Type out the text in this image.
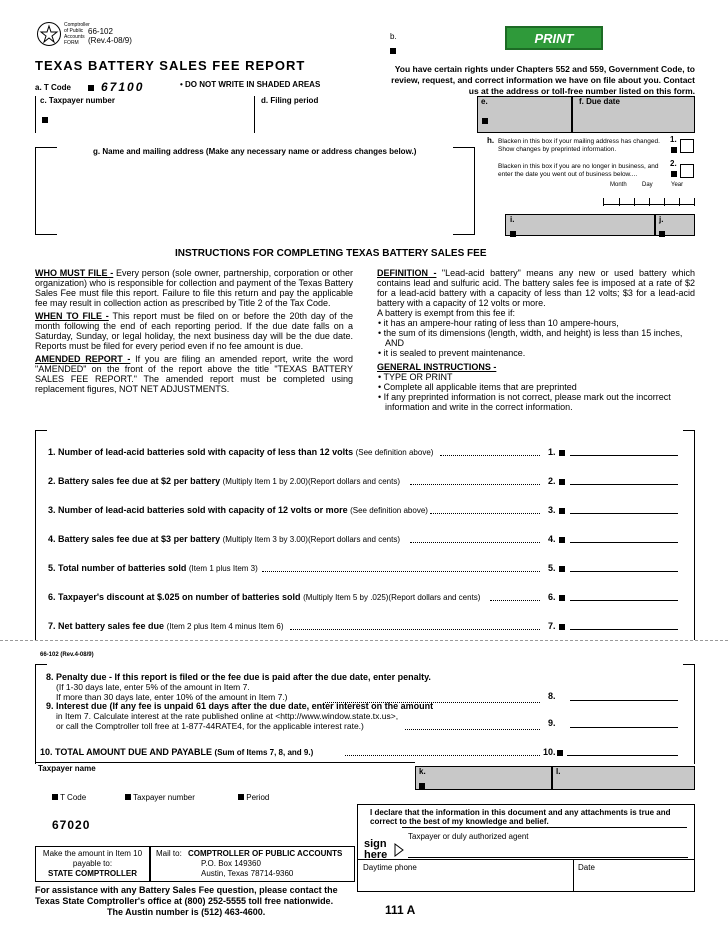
Comptroller of Public Accounts FORM
66-102
(Rev.4-08/9)	b.	PRINT
TEXAS BATTERY SALES FEE REPORT	You have certain rights under Chapters 552 and 559, Government Code, to review, request, and correct information we have on file about you. Contact us at the address or toll-free number listed on this form.
a. T Code 67100	• DO NOT WRITE IN SHADED AREAS
c. Taxpayer number	d. Filing period	e.	f. Due date
g. Name and mailing address (Make any necessary name or address changes below.)
h. Blacken in this box if your mailing address has changed. Show changes by preprinted information.
1.
Blacken in this box if you are no longer in business, and enter the date you went out of business below....
2.
Month	Day	Year
i.	j.
INSTRUCTIONS FOR COMPLETING TEXAS BATTERY SALES FEE

WHO MUST FILE - Every person (sole owner, partnership, corporation or other organization) who is responsible for collection and payment of the Texas Battery Sales Fee must file this report. Failure to file this return and pay the applicable fee may result in collection action as prescribed by Title 2 of the Tax Code.

WHEN TO FILE - This report must be filed on or before the 20th day of the month following the end of each reporting period. If the due date falls on a Saturday, Sunday, or legal holiday, the next business day will be the due date. Reports must be filed for every period even if no fee amount is due.

AMENDED REPORT - If you are filing an amended report, write the word "AMENDED" on the front of the report above the title "TEXAS BATTERY SALES FEE REPORT." The amended report must be completed using replacement figures, NOT NET ADJUSTMENTS.

DEFINITION - "Lead-acid battery" means any new or used battery which contains lead and sulfuric acid. The battery sales fee is imposed at a rate of $2 for a lead-acid battery with a capacity of less than 12 volts; $3 for a lead-acid battery with a capacity of 12 volts or more.

A battery is exempt from this fee if:

• it has an ampere-hour rating of less than 10 ampere-hours,
• the sum of its dimensions (length, width, and height) is less than 15 inches, AND
• it is sealed to prevent maintenance.

GENERAL INSTRUCTIONS -

• TYPE OR PRINT
• Complete all applicable items that are preprinted
• If any preprinted information is not correct, please mark out the incorrect information and write in the correct information.
1. Number of lead-acid batteries sold with capacity of less than 12 volts (See definition above)	1.
2. Battery sales fee due at $2 per battery (Multiply Item 1 by 2.00)(Report dollars and cents)	2.
3. Number of lead-acid batteries sold with capacity of 12 volts or more (See definition above)	3.
4. Battery sales fee due at $3 per battery (Multiply Item 3 by 3.00)(Report dollars and cents)	4.
5. Total number of batteries sold (Item 1 plus Item 3)	5.
6. Taxpayer's discount at $.025 on number of batteries sold (Multiply Item 5 by .025)(Report dollars and cents)	6.
7. Net battery sales fee due (Item 2 plus Item 4 minus Item 6)	7.
66-102 (Rev.4-08/9)
8. Penalty due - If this report is filed or the fee due is paid after the due date, enter penalty.
(If 1-30 days late, enter 5% of the amount in Item 7.
If more than 30 days late, enter 10% of the amount in Item 7.)	8.
9. Interest due (If any fee is unpaid 61 days after the due date, enter interest on the amount
in Item 7. Calculate interest at the rate published online at <http://www.window.state.tx.us>,
or call the Comptroller toll free at 1-877-44RATE4, for the applicable interest rate.)	9.
10. TOTAL AMOUNT DUE AND PAYABLE (Sum of Items 7, 8, and 9.)	10.
Taxpayer name	k.	l.
T Code	Taxpayer number	Period
67020
I declare that the information in this document and any attachments is true and correct to the best of my knowledge and belief.
Taxpayer or duly authorized agent
sign
here
Daytime phone	Date
Make the amount in Item 10
payable to:
STATE COMPTROLLER
Mail to: COMPTROLLER OF PUBLIC ACCOUNTS
P.O. Box 149360
Austin, Texas 78714-9360
For assistance with any Battery Sales Fee question, please contact the
Texas State Comptroller's office at (800) 252-5555 toll free nationwide.
The Austin number is (512) 463-4600.	111 A
